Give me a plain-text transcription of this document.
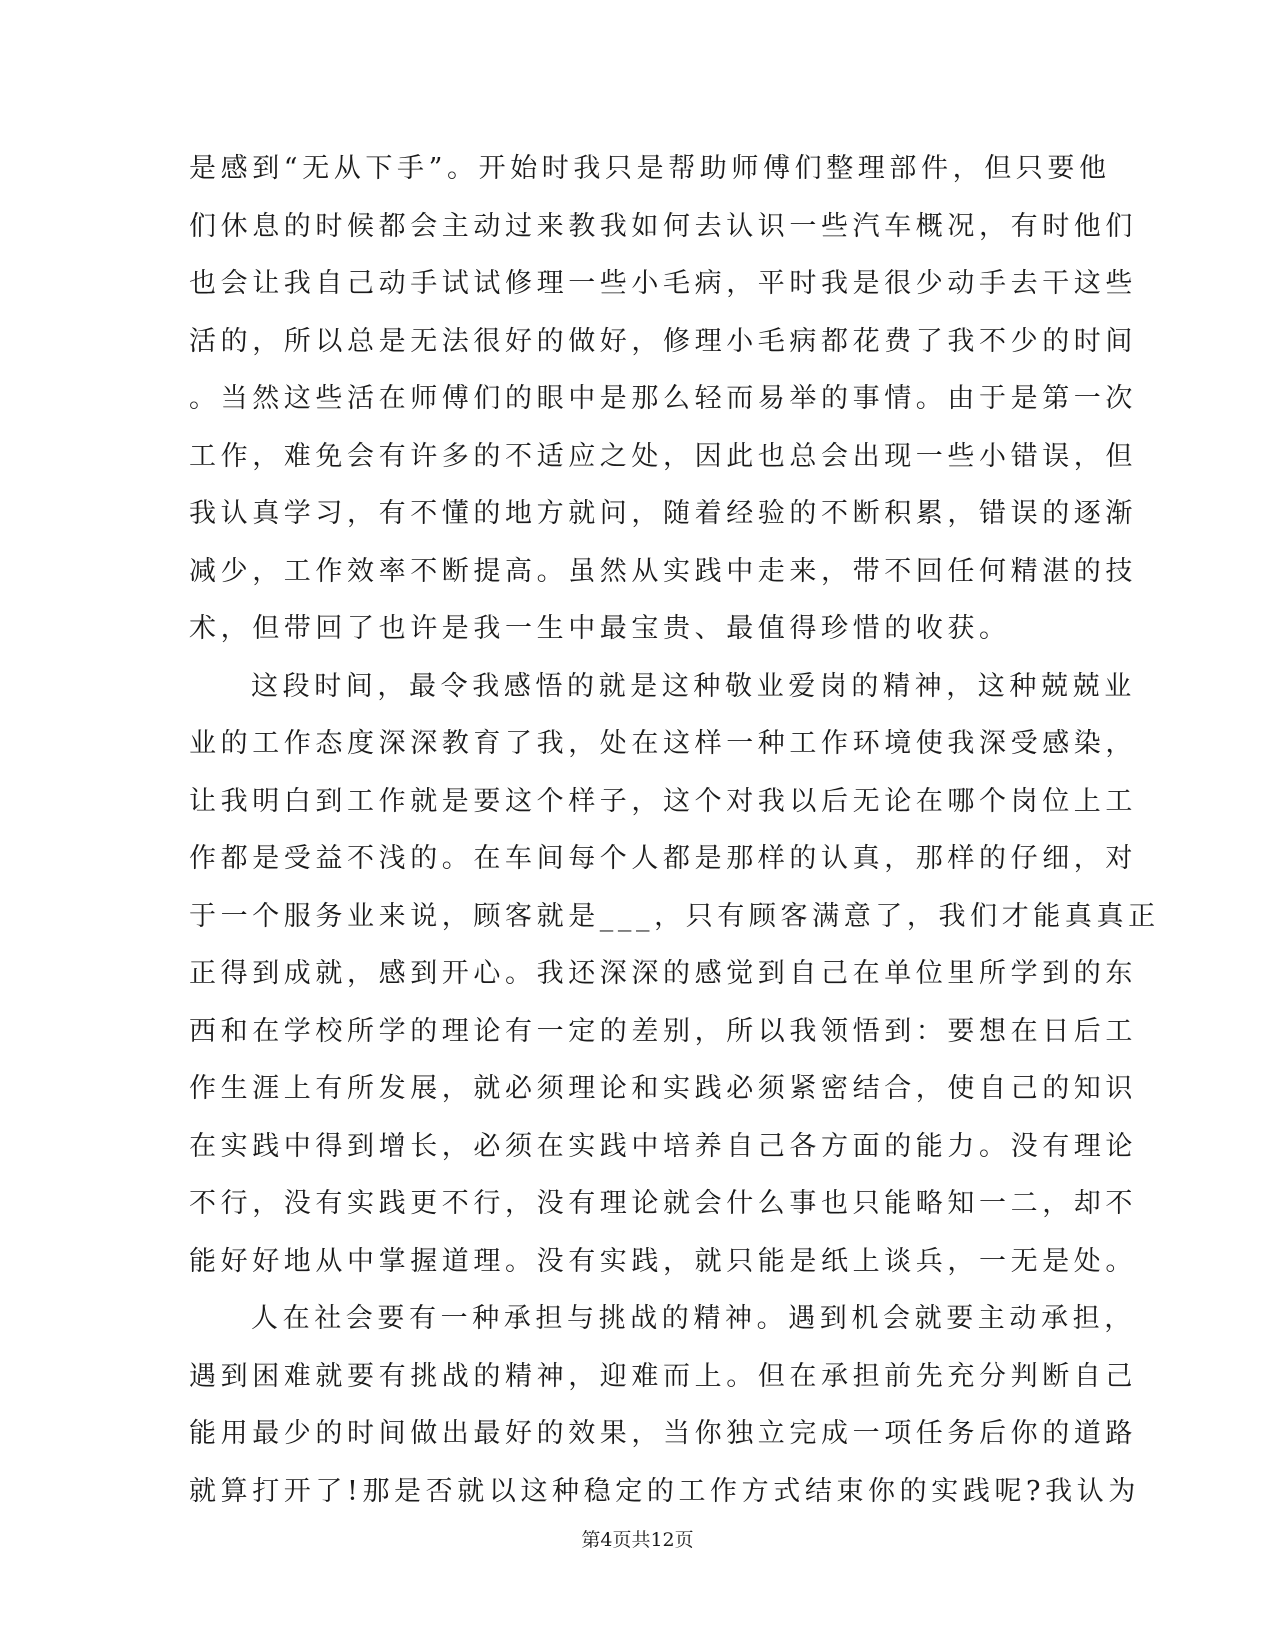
是感到“无从下手”。开始时我只是帮助师傅们整理部件，但只要他
们休息的时候都会主动过来教我如何去认识一些汽车概况，有时他们
也会让我自己动手试试修理一些小毛病，平时我是很少动手去干这些
活的，所以总是无法很好的做好，修理小毛病都花费了我不少的时间
。当然这些活在师傅们的眼中是那么轻而易举的事情。由于是第一次
工作，难免会有许多的不适应之处，因此也总会出现一些小错误，但
我认真学习，有不懂的地方就问，随着经验的不断积累，错误的逐渐
减少，工作效率不断提高。虽然从实践中走来，带不回任何精湛的技
术，但带回了也许是我一生中最宝贵、最值得珍惜的收获。
这段时间，最令我感悟的就是这种敬业爱岗的精神，这种兢兢业
业的工作态度深深教育了我，处在这样一种工作环境使我深受感染，
让我明白到工作就是要这个样子，这个对我以后无论在哪个岗位上工
作都是受益不浅的。在车间每个人都是那样的认真，那样的仔细，对
于一个服务业来说，顾客就是___，只有顾客满意了，我们才能真真正
正得到成就，感到开心。我还深深的感觉到自己在单位里所学到的东
西和在学校所学的理论有一定的差别，所以我领悟到：要想在日后工
作生涯上有所发展，就必须理论和实践必须紧密结合，使自己的知识
在实践中得到增长，必须在实践中培养自己各方面的能力。没有理论
不行，没有实践更不行，没有理论就会什么事也只能略知一二，却不
能好好地从中掌握道理。没有实践，就只能是纸上谈兵，一无是处。
人在社会要有一种承担与挑战的精神。遇到机会就要主动承担，
遇到困难就要有挑战的精神，迎难而上。但在承担前先充分判断自己
能用最少的时间做出最好的效果，当你独立完成一项任务后你的道路
就算打开了!那是否就以这种稳定的工作方式结束你的实践呢?我认为
第4页共12页
